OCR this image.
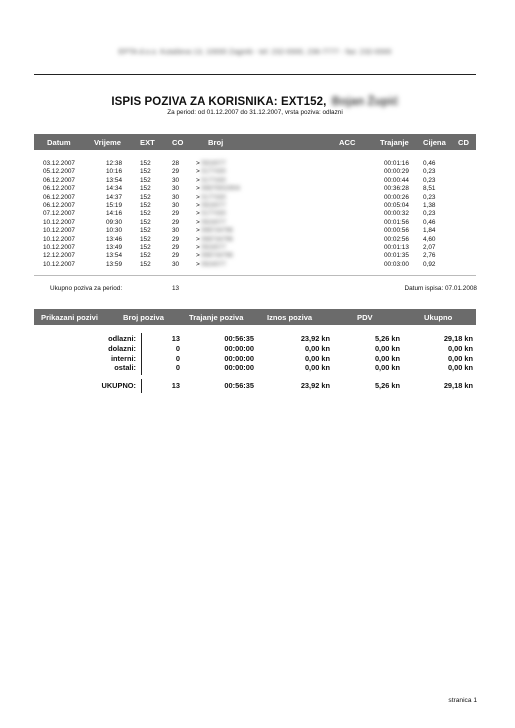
EPTA d.o.o. Kutaševa 13, 10000 Zagreb - tel: 232-0000, 236-7777 - fax: 232-0000
ISPIS POZIVA ZA KORISNIKA: EXT152, Bojan Župić
Za period: od 01.12.2007 do 31.12.2007, vrsta poziva: odlazni
Datum	Vrijeme EXT CO	Broj	ACC	Trajanje Cijena CD
03.12.2007	12:38	152	28	> 0924077	00:01:16	0,46
05.12.2007	10:16	152	29	> 0177430	00:00:29	0,23
06.12.2007	13:54	152	30	> 0177430	00:00:44	0,23
06.12.2007	14:34	152	30	> 09875502904	00:36:28	8,51
06.12.2007	14:37	152	30	> 0177430	00:00:26	0,23
06.12.2007	15:19	152	30	> 0924077	00:05:04	1,38
07.12.2007	14:16	152	29	> 0177430	00:00:32	0,23
10.12.2007	09:30	152	29	> 0924077	00:01:56	0,46
10.12.2007	10:30	152	30	> 098734796	00:00:56	1,84
10.12.2007	13:46	152	29	> 098734796	00:02:56	4,60
10.12.2007	13:49	152	29	> 0924077	00:01:13	2,07
12.12.2007	13:54	152	29	> 098734796	00:01:35	2,76
10.12.2007	13:59	152	30	> 0924077	00:03:00	0,92
Ukupno poziva za period:	13	Datum ispisa: 07.01.2008
Prikazani pozivi	Broj poziva	Trajanje poziva	Iznos poziva	PDV	Ukupno
odlazni:	13	00:56:35	23,92 kn	5,26 kn	29,18 kn
dolazni:	0	00:00:00	0,00 kn	0,00 kn	0,00 kn
interni:	0	00:00:00	0,00 kn	0,00 kn	0,00 kn
ostali:	0	00:00:00	0,00 kn	0,00 kn	0,00 kn
UKUPNO:	13	00:56:35	23,92 kn	5,26 kn	29,18 kn
stranica 1
